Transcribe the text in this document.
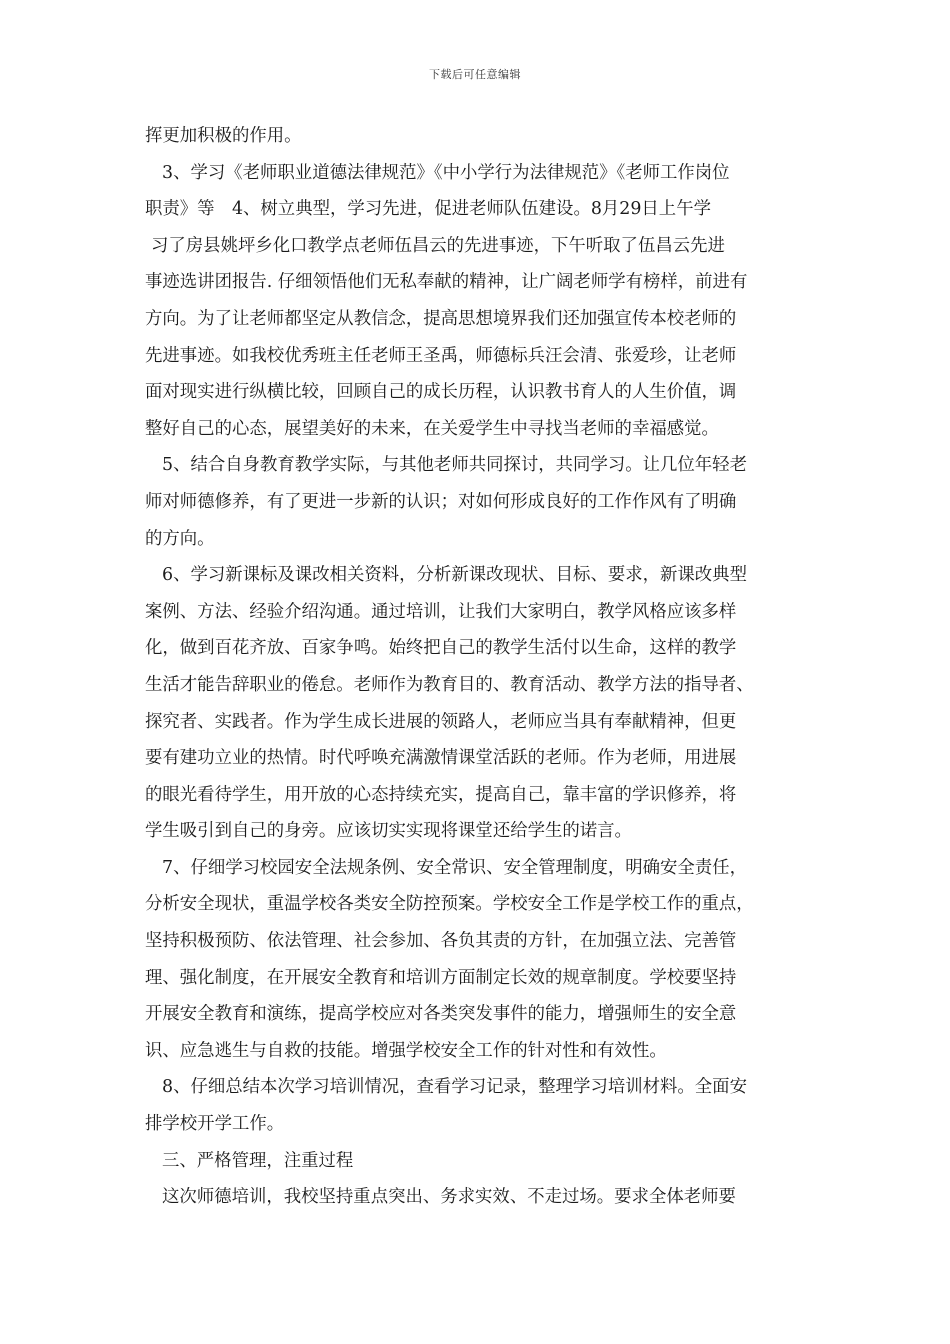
下载后可任意编辑
挥更加积极的作用。
3、学习《老师职业道德法律规范》《中小学行为法律规范》《老师工作岗位
职责》等　4、树立典型，学习先进，促进老师队伍建设。8月29日上午学
习了房县姚坪乡化口教学点老师伍昌云的先进事迹，下午听取了伍昌云先进
事迹选讲团报告. 仔细领悟他们无私奉献的精神，让广阔老师学有榜样，前进有
方向。为了让老师都坚定从教信念，提高思想境界我们还加强宣传本校老师的
先进事迹。如我校优秀班主任老师王圣禹，师德标兵汪会清、张爱珍，让老师
面对现实进行纵横比较，回顾自己的成长历程，认识教书育人的人生价值，调
整好自己的心态，展望美好的未来，在关爱学生中寻找当老师的幸福感觉。
5、结合自身教育教学实际，与其他老师共同探讨，共同学习。让几位年轻老
师对师德修养，有了更进一步新的认识；对如何形成良好的工作作风有了明确
的方向。
6、学习新课标及课改相关资料，分析新课改现状、目标、要求，新课改典型
案例、方法、经验介绍沟通。通过培训，让我们大家明白，教学风格应该多样
化，做到百花齐放、百家争鸣。始终把自己的教学生活付以生命，这样的教学
生活才能告辞职业的倦怠。老师作为教育目的、教育活动、教学方法的指导者、
探究者、实践者。作为学生成长进展的领路人，老师应当具有奉献精神，但更
要有建功立业的热情。时代呼唤充满激情课堂活跃的老师。作为老师，用进展
的眼光看待学生，用开放的心态持续充实，提高自己，靠丰富的学识修养，将
学生吸引到自己的身旁。应该切实实现将课堂还给学生的诺言。
7、仔细学习校园安全法规条例、安全常识、安全管理制度，明确安全责任，
分析安全现状，重温学校各类安全防控预案。学校安全工作是学校工作的重点，
坚持积极预防、依法管理、社会参加、各负其责的方针，在加强立法、完善管
理、强化制度，在开展安全教育和培训方面制定长效的规章制度。学校要坚持
开展安全教育和演练，提高学校应对各类突发事件的能力，增强师生的安全意
识、应急逃生与自救的技能。增强学校安全工作的针对性和有效性。
8、仔细总结本次学习培训情况，查看学习记录，整理学习培训材料。全面安
排学校开学工作。
三、严格管理，注重过程
这次师德培训，我校坚持重点突出、务求实效、不走过场。要求全体老师要
